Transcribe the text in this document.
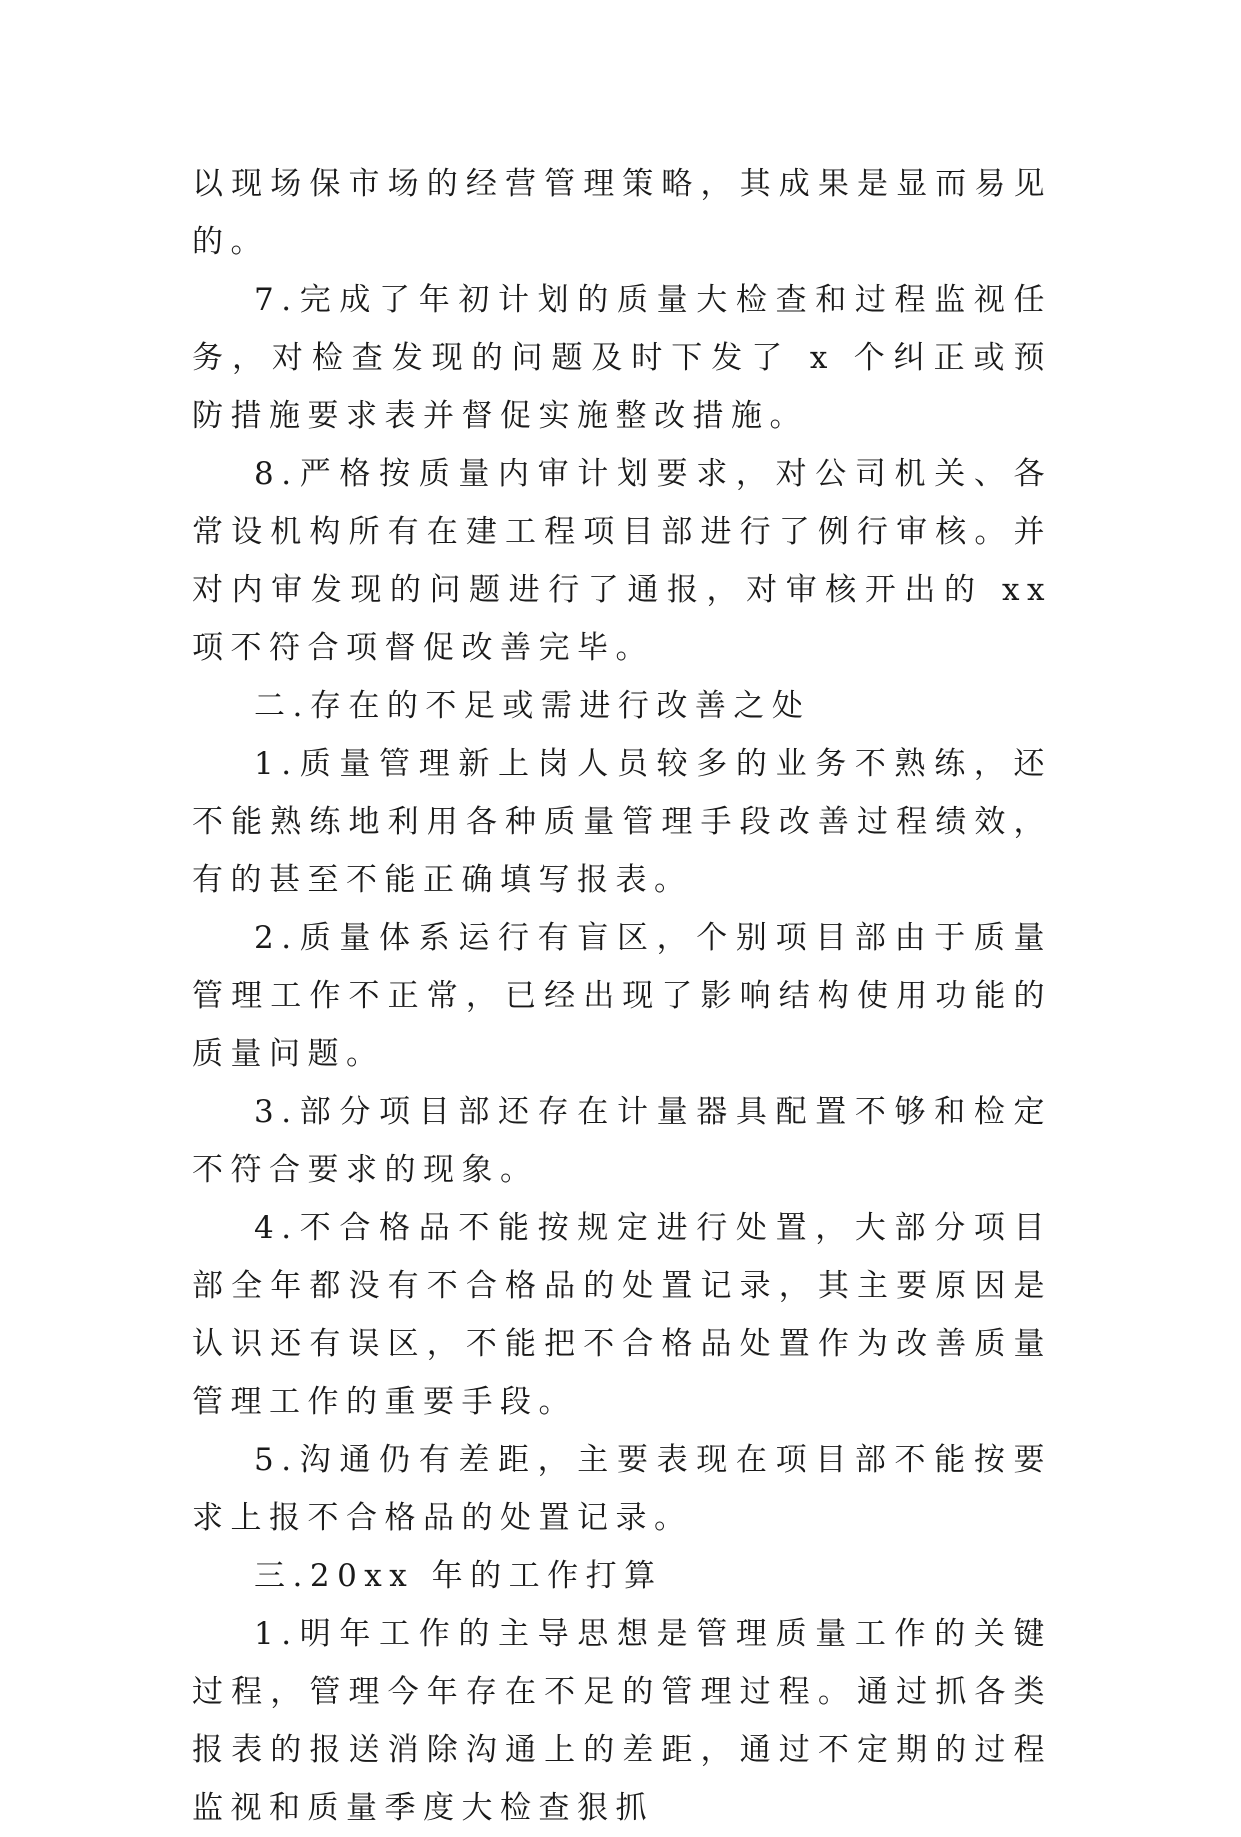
以现场保市场的经营管理策略，其成果是显而易见的。

7.完成了年初计划的质量大检查和过程监视任务，对检查发现的问题及时下发了 x 个纠正或预防措施要求表并督促实施整改措施。

8.严格按质量内审计划要求，对公司机关、各常设机构所有在建工程项目部进行了例行审核。并对内审发现的问题进行了通报，对审核开出的 xx 项不符合项督促改善完毕。

二.存在的不足或需进行改善之处

1.质量管理新上岗人员较多的业务不熟练，还不能熟练地利用各种质量管理手段改善过程绩效，有的甚至不能正确填写报表。

2.质量体系运行有盲区，个别项目部由于质量管理工作不正常，已经出现了影响结构使用功能的质量问题。

3.部分项目部还存在计量器具配置不够和检定不符合要求的现象。

4.不合格品不能按规定进行处置，大部分项目部全年都没有不合格品的处置记录，其主要原因是认识还有误区，不能把不合格品处置作为改善质量管理工作的重要手段。

5.沟通仍有差距，主要表现在项目部不能按要求上报不合格品的处置记录。

三.20xx 年的工作打算

1.明年工作的主导思想是管理质量工作的关键过程，管理今年存在不足的管理过程。通过抓各类报表的报送消除沟通上的差距，通过不定期的过程监视和质量季度大检查狠抓
